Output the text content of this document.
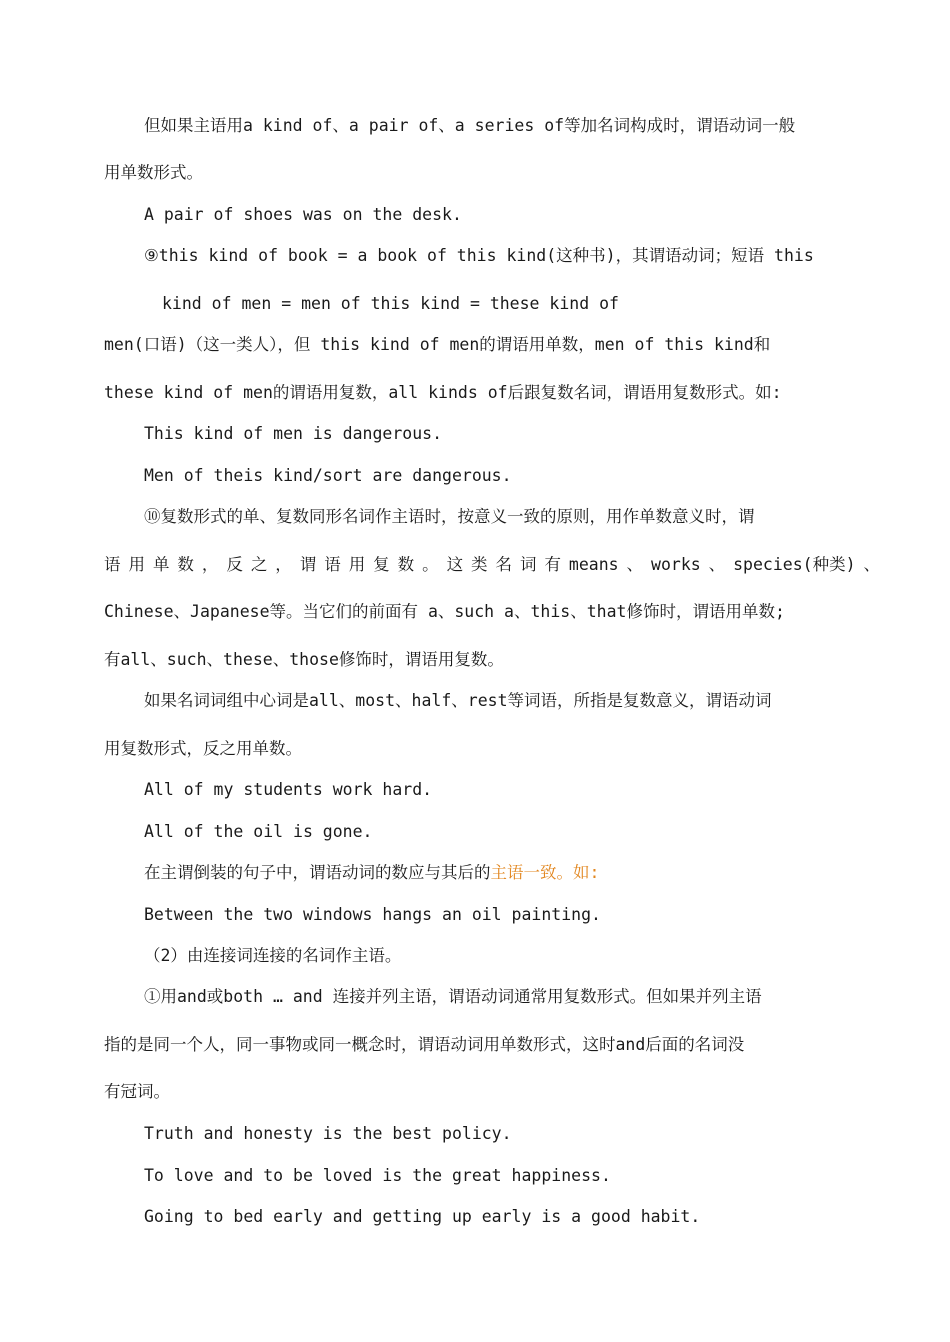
但如果主语用a kind of、a pair of、a series of等加名词构成时，谓语动词一般
用单数形式。
A pair of shoes was on the desk.
⑨this kind of book = a book of this kind(这种书)，其谓语动词；短语 this
kind of men = men of this kind = these kind of
men(口语)（这一类人），但 this kind of men的谓语用单数，men of this kind和
these kind of men的谓语用复数，all kinds of后跟复数名词，谓语用复数形式。如:
This kind of men is dangerous.
Men of theis kind/sort are dangerous.
⑩复数形式的单、复数同形名词作主语时，按意义一致的原则，用作单数意义时，谓
语 用 单 数 ， 反 之 ， 谓 语 用 复 数 。 这 类 名 词 有 means 、 works 、 species(种类) 、
Chinese、Japanese等。当它们的前面有 a、such a、this、that修饰时，谓语用单数;
有all、such、these、those修饰时，谓语用复数。
如果名词词组中心词是all、most、half、rest等词语，所指是复数意义，谓语动词
用复数形式，反之用单数。
All of my students work hard.
All of the oil is gone.
在主谓倒装的句子中，谓语动词的数应与其后的主语一致。如:
Between the two windows hangs an oil painting.
（2）由连接词连接的名词作主语。
①用and或both … and 连接并列主语，谓语动词通常用复数形式。但如果并列主语
指的是同一个人，同一事物或同一概念时，谓语动词用单数形式，这时and后面的名词没
有冠词。
Truth and honesty is the best policy.
To love and to be loved is the great happiness.
Going to bed early and getting up early is a good habit.
